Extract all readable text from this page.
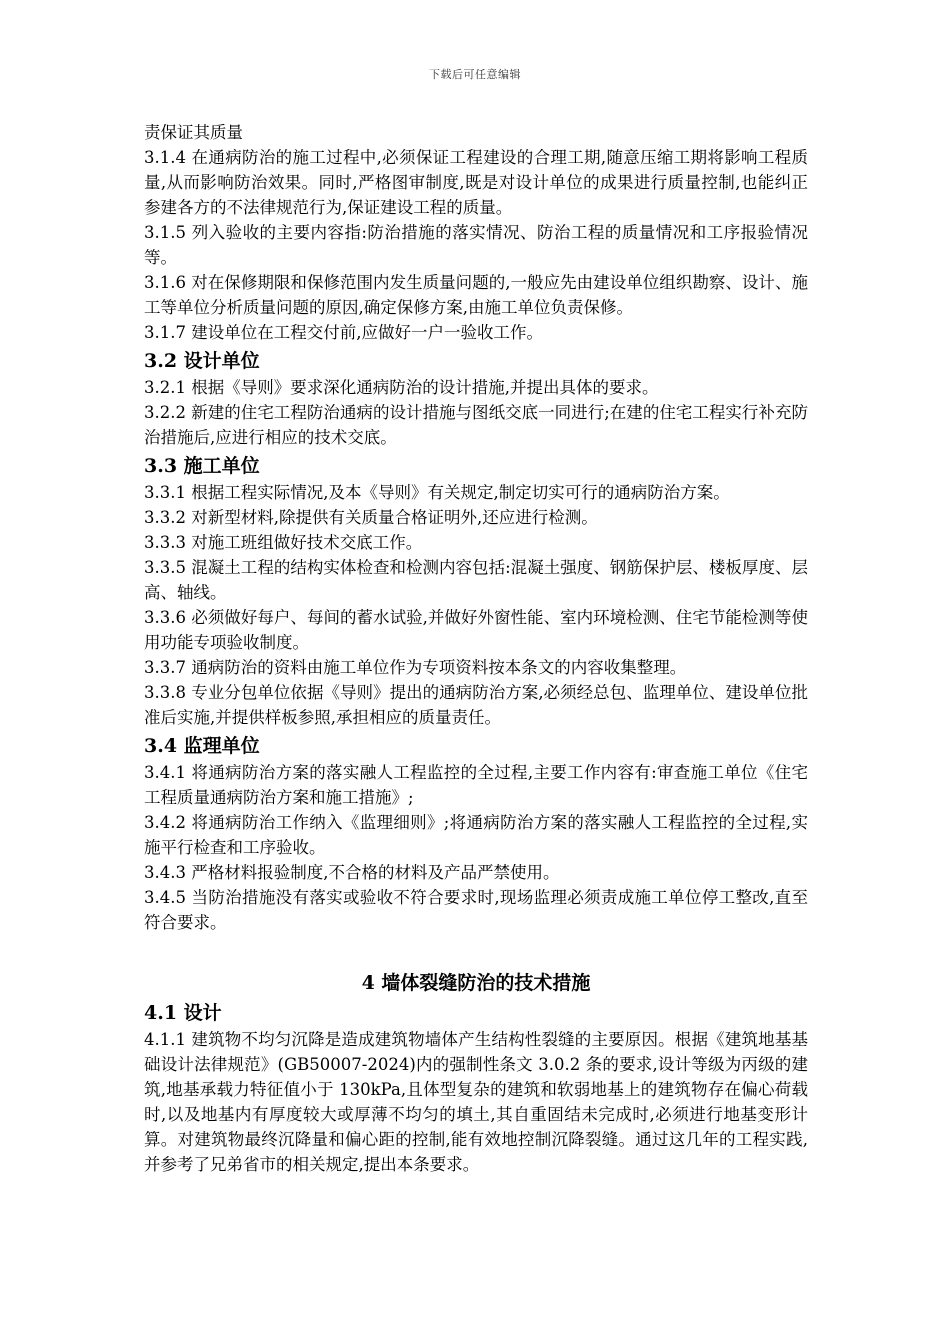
下载后可任意编辑

责保证其质量

3.1.4 在通病防治的施工过程中,必须保证工程建设的合理工期,随意压缩工期将影响工程质量,从而影响防治效果。同时,严格图审制度,既是对设计单位的成果进行质量控制,也能纠正参建各方的不法律规范行为,保证建设工程的质量。

3.1.5 列入验收的主要内容指:防治措施的落实情况、防治工程的质量情况和工序报验情况等。

3.1.6 对在保修期限和保修范围内发生质量问题的,一般应先由建设单位组织勘察、设计、施工等单位分析质量问题的原因,确定保修方案,由施工单位负责保修。

3.1.7 建设单位在工程交付前,应做好一户一验收工作。

3.2 设计单位

3.2.1 根据《导则》要求深化通病防治的设计措施,并提出具体的要求。

3.2.2 新建的住宅工程防治通病的设计措施与图纸交底一同进行;在建的住宅工程实行补充防治措施后,应进行相应的技术交底。

3.3 施工单位

3.3.1 根据工程实际情况,及本《导则》有关规定,制定切实可行的通病防治方案。

3.3.2 对新型材料,除提供有关质量合格证明外,还应进行检测。

3.3.3 对施工班组做好技术交底工作。

3.3.5 混凝土工程的结构实体检查和检测内容包括:混凝土强度、钢筋保护层、楼板厚度、层高、轴线。

3.3.6 必须做好每户、每间的蓄水试验,并做好外窗性能、室内环境检测、住宅节能检测等使用功能专项验收制度。

3.3.7 通病防治的资料由施工单位作为专项资料按本条文的内容收集整理。

3.3.8 专业分包单位依据《导则》提出的通病防治方案,必须经总包、监理单位、建设单位批准后实施,并提供样板参照,承担相应的质量责任。

3.4 监理单位

3.4.1 将通病防治方案的落实融人工程监控的全过程,主要工作内容有:审查施工单位《住宅工程质量通病防治方案和施工措施》;

3.4.2 将通病防治工作纳入《监理细则》;将通病防治方案的落实融人工程监控的全过程,实施平行检查和工序验收。

3.4.3 严格材料报验制度,不合格的材料及产品严禁使用。

3.4.5 当防治措施没有落实或验收不符合要求时,现场监理必须责成施工单位停工整改,直至符合要求。

4 墙体裂缝防治的技术措施
4.1 设计

4.1.1 建筑物不均匀沉降是造成建筑物墙体产生结构性裂缝的主要原因。根据《建筑地基基础设计法律规范》(GB50007-2024)内的强制性条文 3.0.2 条的要求,设计等级为丙级的建筑,地基承载力特征值小于 130kPa,且体型复杂的建筑和软弱地基上的建筑物存在偏心荷载时,以及地基内有厚度较大或厚薄不均匀的填土,其自重固结未完成时,必须进行地基变形计算。对建筑物最终沉降量和偏心距的控制,能有效地控制沉降裂缝。通过这几年的工程实践,并参考了兄弟省市的相关规定,提出本条要求。
